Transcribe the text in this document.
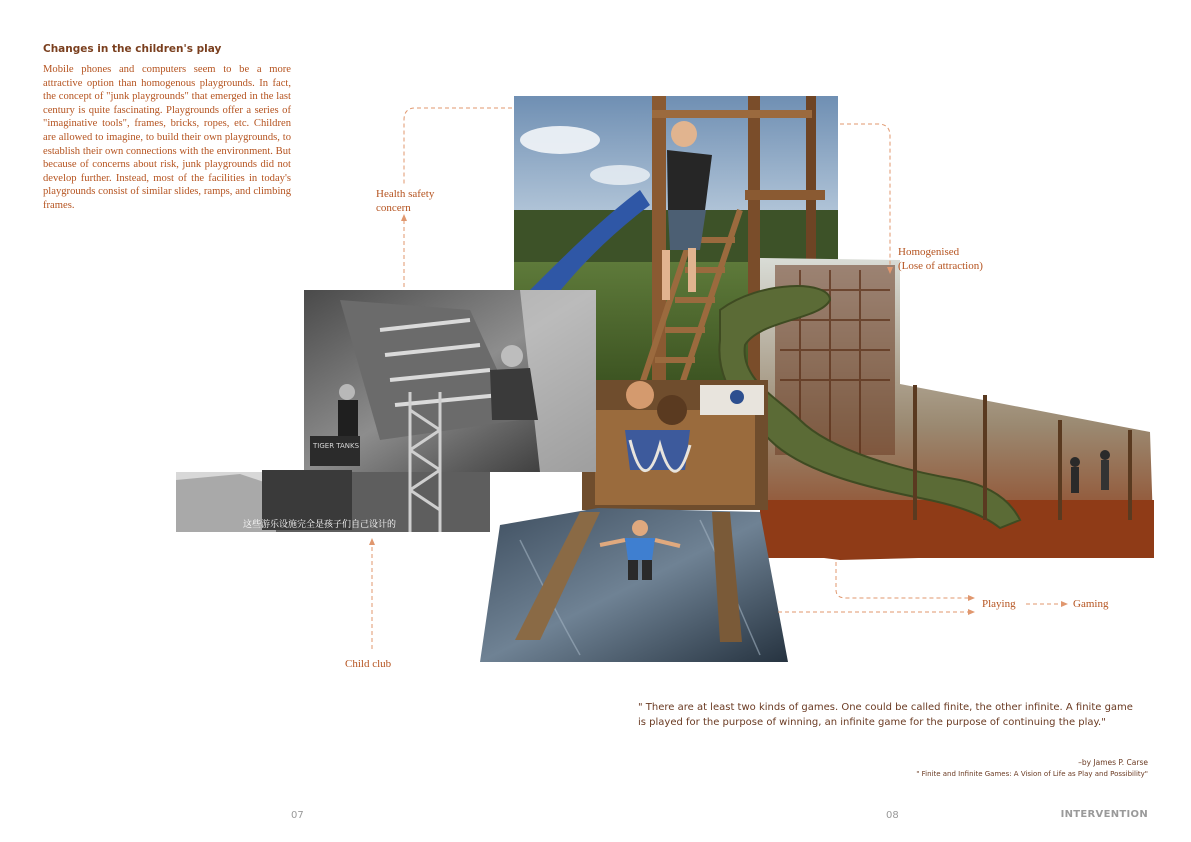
Changes in the children's play

Mobile phones and computers seem to be a more attractive option than homogenous playgrounds. In fact, the concept of "junk playgrounds" that emerged in the last century is quite fascinating. Playgrounds offer a series of "imaginative tools", frames, bricks, ropes, etc. Children are allowed to imagine, to build their own playgrounds, to establish their own connections with the environment. But because of concerns about risk, junk playgrounds did not develop further. Instead, most of the facilities in today's playgrounds consist of similar slides, ramps, and climbing frames.

TIGER TANKS
这些游乐设施完全是孩子们自己设计的
Health safety
concern
Homogenised
(Lose of attraction)
Child club
Playing	Gaming
" There are at least two kinds of games. One could be called finite, the other infinite. A finite game is played for the purpose of winning, an infinite game for the purpose of continuing the play."
–by James P. Carse
" Finite and Infinite Games: A Vision of Life as Play and Possibility"
07	08	INTERVENTION
